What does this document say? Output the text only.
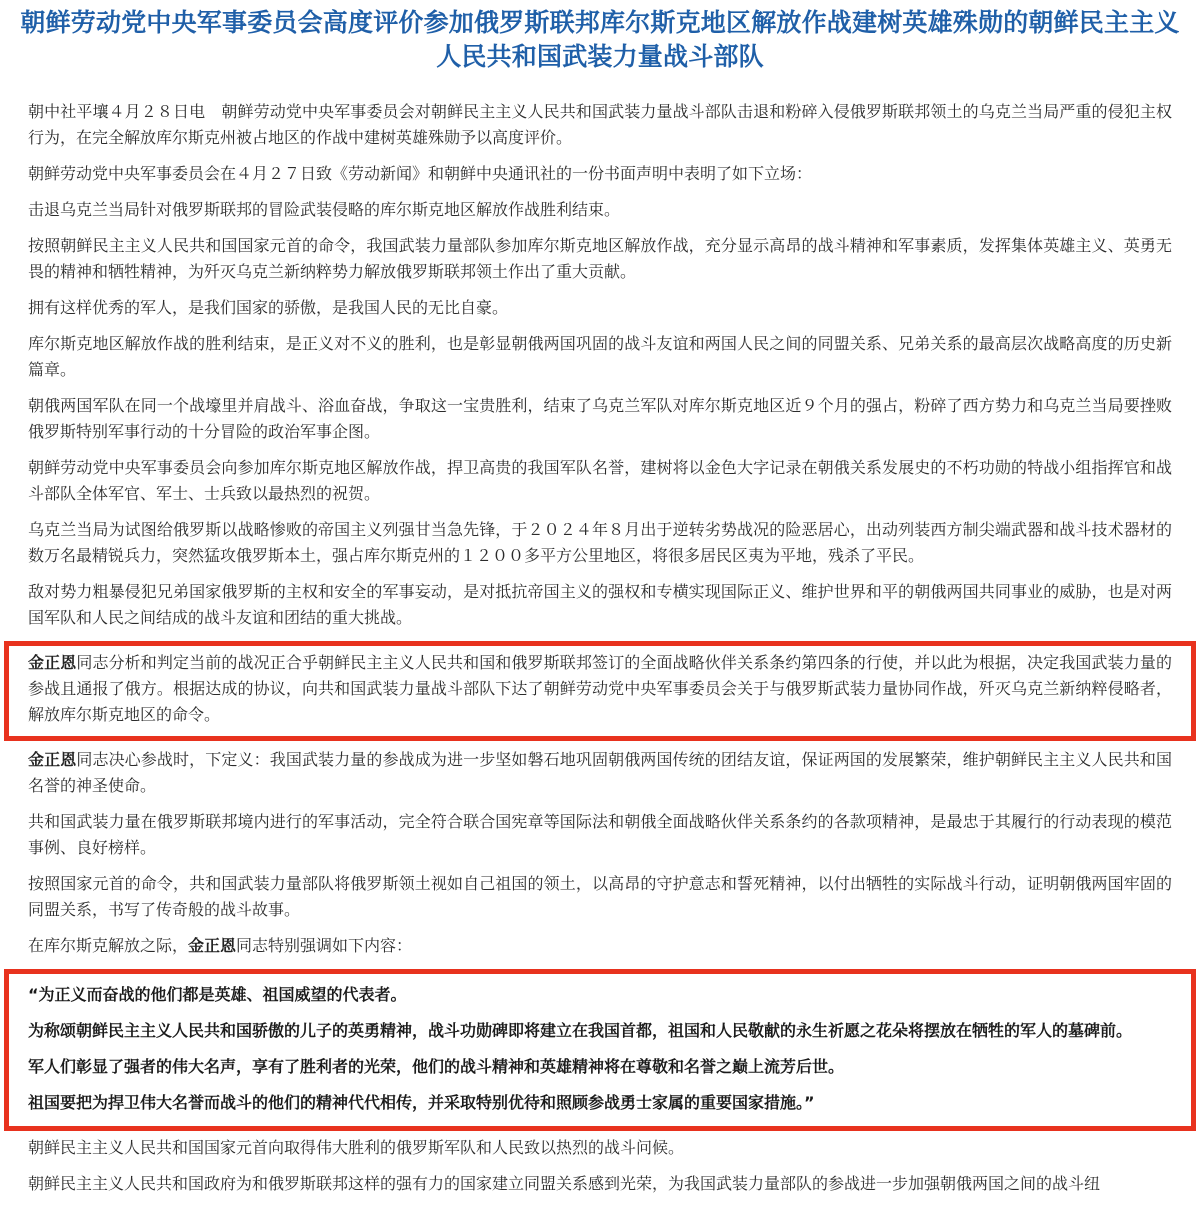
朝鲜劳动党中央军事委员会高度评价参加俄罗斯联邦库尔斯克地区解放作战建树英雄殊勋的朝鲜民主主义人民共和国武装力量战斗部队

朝中社平壤４月２８日电　朝鲜劳动党中央军事委员会对朝鲜民主主义人民共和国武装力量战斗部队击退和粉碎入侵俄罗斯联邦领土的乌克兰当局严重的侵犯主权行为，在完全解放库尔斯克州被占地区的作战中建树英雄殊勋予以高度评价。

朝鲜劳动党中央军事委员会在４月２７日致《劳动新闻》和朝鲜中央通讯社的一份书面声明中表明了如下立场：

击退乌克兰当局针对俄罗斯联邦的冒险武装侵略的库尔斯克地区解放作战胜利结束。

按照朝鲜民主主义人民共和国国家元首的命令，我国武装力量部队参加库尔斯克地区解放作战，充分显示高昂的战斗精神和军事素质，发挥集体英雄主义、英勇无畏的精神和牺牲精神，为歼灭乌克兰新纳粹势力解放俄罗斯联邦领土作出了重大贡献。

拥有这样优秀的军人，是我们国家的骄傲，是我国人民的无比自豪。

库尔斯克地区解放作战的胜利结束，是正义对不义的胜利，也是彰显朝俄两国巩固的战斗友谊和两国人民之间的同盟关系、兄弟关系的最高层次战略高度的历史新篇章。

朝俄两国军队在同一个战壕里并肩战斗、浴血奋战，争取这一宝贵胜利，结束了乌克兰军队对库尔斯克地区近９个月的强占，粉碎了西方势力和乌克兰当局要挫败俄罗斯特别军事行动的十分冒险的政治军事企图。

朝鲜劳动党中央军事委员会向参加库尔斯克地区解放作战，捍卫高贵的我国军队名誉，建树将以金色大字记录在朝俄关系发展史的不朽功勋的特战小组指挥官和战斗部队全体军官、军士、士兵致以最热烈的祝贺。

乌克兰当局为试图给俄罗斯以战略惨败的帝国主义列强甘当急先锋，于２０２４年８月出于逆转劣势战况的险恶居心，出动列装西方制尖端武器和战斗技术器材的数万名最精锐兵力，突然猛攻俄罗斯本土，强占库尔斯克州的１２００多平方公里地区，将很多居民区夷为平地，残杀了平民。

敌对势力粗暴侵犯兄弟国家俄罗斯的主权和安全的军事妄动，是对抵抗帝国主义的强权和专横实现国际正义、维护世界和平的朝俄两国共同事业的威胁，也是对两国军队和人民之间结成的战斗友谊和团结的重大挑战。

金正恩同志分析和判定当前的战况正合乎朝鲜民主主义人民共和国和俄罗斯联邦签订的全面战略伙伴关系条约第四条的行使，并以此为根据，决定我国武装力量的参战且通报了俄方。根据达成的协议，向共和国武装力量战斗部队下达了朝鲜劳动党中央军事委员会关于与俄罗斯武装力量协同作战，歼灭乌克兰新纳粹侵略者，解放库尔斯克地区的命令。

金正恩同志决心参战时，下定义：我国武装力量的参战成为进一步坚如磐石地巩固朝俄两国传统的团结友谊，保证两国的发展繁荣，维护朝鲜民主主义人民共和国名誉的神圣使命。

共和国武装力量在俄罗斯联邦境内进行的军事活动，完全符合联合国宪章等国际法和朝俄全面战略伙伴关系条约的各款项精神，是最忠于其履行的行动表现的模范事例、良好榜样。

按照国家元首的命令，共和国武装力量部队将俄罗斯领土视如自己祖国的领土，以高昂的守护意志和誓死精神，以付出牺牲的实际战斗行动，证明朝俄两国牢固的同盟关系，书写了传奇般的战斗故事。

在库尔斯克解放之际，金正恩同志特别强调如下内容：

“为正义而奋战的他们都是英雄、祖国威望的代表者。

为称颂朝鲜民主主义人民共和国骄傲的儿子的英勇精神，战斗功勋碑即将建立在我国首都，祖国和人民敬献的永生祈愿之花朵将摆放在牺牲的军人的墓碑前。

军人们彰显了强者的伟大名声，享有了胜利者的光荣，他们的战斗精神和英雄精神将在尊敬和名誉之巅上流芳后世。

祖国要把为捍卫伟大名誉而战斗的他们的精神代代相传，并采取特别优待和照顾参战勇士家属的重要国家措施。”

朝鲜民主主义人民共和国国家元首向取得伟大胜利的俄罗斯军队和人民致以热烈的战斗问候。

朝鲜民主主义人民共和国政府为和俄罗斯联邦这样的强有力的国家建立同盟关系感到光荣，为我国武装力量部队的参战进一步加强朝俄两国之间的战斗纽
